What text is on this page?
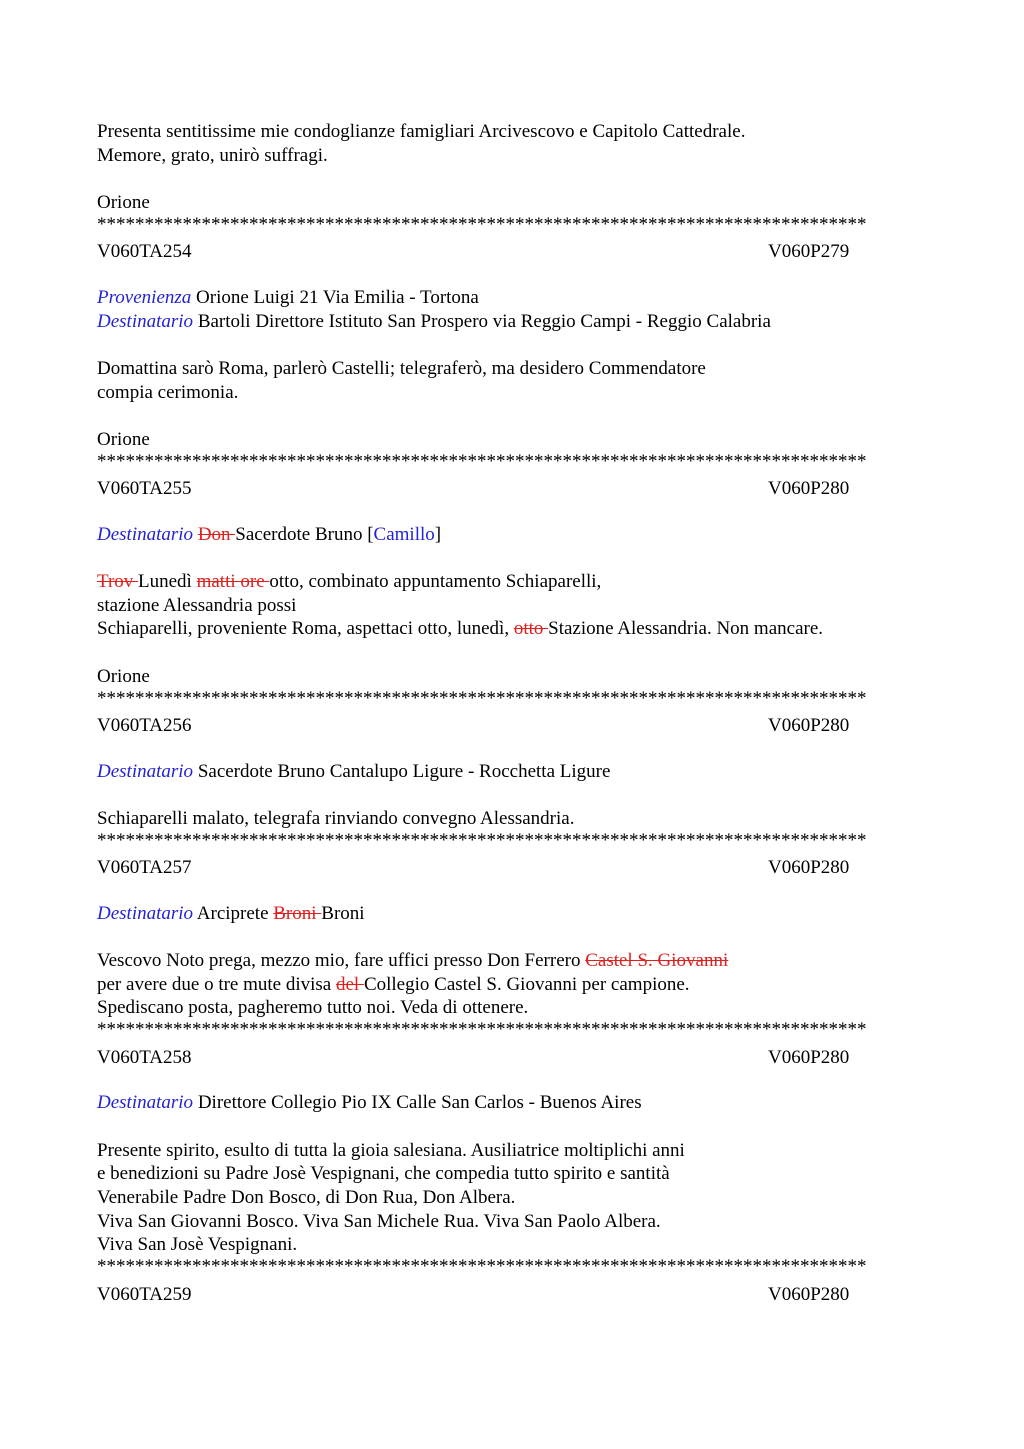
Presenta sentitissime mie condoglianze famigliari Arcivescovo e Capitolo Cattedrale.
Memore, grato, unirò suffragi.
Orione
*********************************************************************************
V060TA254	V060P279
Provenienza Orione Luigi 21 Via Emilia - Tortona
Destinatario Bartoli Direttore Istituto San Prospero via Reggio Campi - Reggio Calabria
Domattina sarò Roma, parlerò Castelli; telegraferò, ma desidero Commendatore
compia cerimonia.
Orione
*********************************************************************************
V060TA255	V060P280
Destinatario Don Sacerdote Bruno [Camillo]
Trov Lunedì matti ore otto, combinato appuntamento Schiaparelli,
stazione Alessandria possi
Schiaparelli, proveniente Roma, aspettaci otto, lunedì, otto Stazione Alessandria. Non mancare.
Orione
*********************************************************************************
V060TA256	V060P280
Destinatario Sacerdote Bruno Cantalupo Ligure - Rocchetta Ligure
Schiaparelli malato, telegrafa rinviando convegno Alessandria.
*********************************************************************************
V060TA257	V060P280
Destinatario Arciprete Broni Broni
Vescovo Noto prega, mezzo mio, fare uffici presso Don Ferrero Castel S. Giovanni
per avere due o tre mute divisa del Collegio Castel S. Giovanni per campione.
Spediscano posta, pagheremo tutto noi. Veda di ottenere.
*********************************************************************************
V060TA258	V060P280
Destinatario Direttore Collegio Pio IX Calle San Carlos - Buenos Aires
Presente spirito, esulto di tutta la gioia salesiana. Ausiliatrice moltiplichi anni
e benedizioni su Padre Josè Vespignani, che compedia tutto spirito e santità
Venerabile Padre Don Bosco, di Don Rua, Don Albera.
Viva San Giovanni Bosco. Viva San Michele Rua. Viva San Paolo Albera.
Viva San Josè Vespignani.
*********************************************************************************
V060TA259	V060P280
